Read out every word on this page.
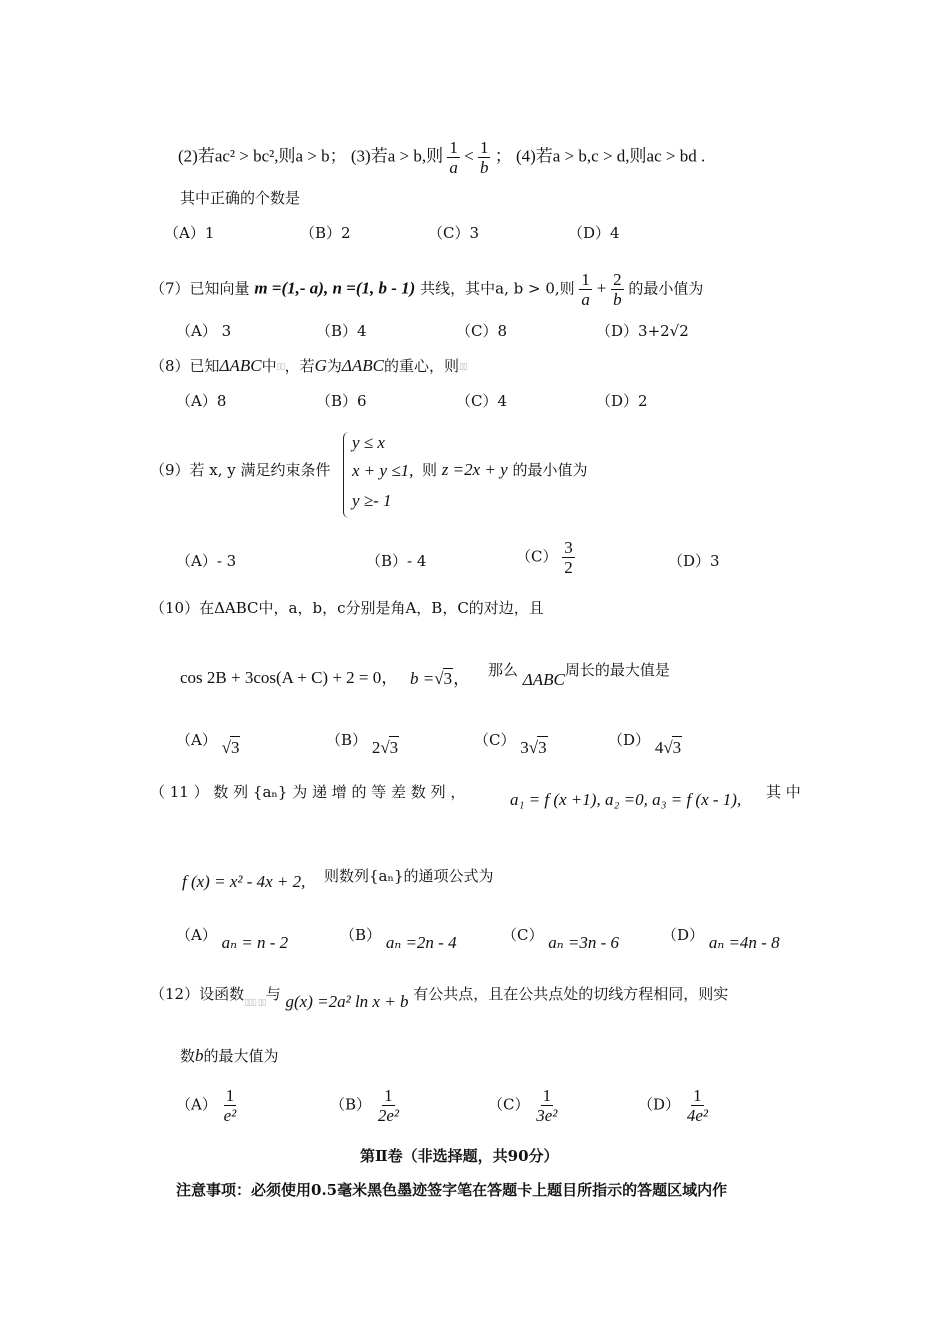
(2)若ac² > bc²,则a > b； (3)若a > b,则 $\frac{1}{a} < \frac{1}{b}$ ； (4)若a > b,c > d,则ac > bd .
其中正确的个数是
（A）1	（B）2	（C）3	（D）4
（7）已知向量 m =(1,- a), n =(1, b - 1) 共线，其中a, b > 0,则 $\frac{1}{a} + \frac{2}{b}$ 的最小值为
（A） 3	（B）4	（C）8	（D）3+2√2
（8）已知ΔABC中▯▯，若G为ΔABC的重心，则▯▯
（A）8	（B）6	（C）4	（D）2
（9）若 x, y 满足约束条件
y ≤ x
x + y ≤1,
y ≥- 1
则 z =2x + y 的最小值为
（A）- 3	（B）- 4	$(C) \frac{3}{2}$	（D）3
（10）在ΔABC中，a，b，c分别是角A，B，C的对边，且
cos 2B + 3cos(A + C) + 2 = 0， b =√3， 那么 ΔABC周长的最大值是
（A） √3	（B） 2√3	（C） 3√3	（D） 4√3
（ 11 ） 数 列 {aₙ} 为 递 增 的 等 差 数 列 ，	a₁ = f (x +1), a₂ =0, a₃ = f (x - 1), 其 中
f (x) = x² - 4x + 2, 则数列{aₙ}的通项公式为
（A） aₙ = n - 2	（B） aₙ =2n - 4	（C） aₙ =3n - 6	（D） aₙ =4n - 8
（12）设函数▯▯▯ ▯▯与 g(x) =2a² ln x + b 有公共点，且在公共点处的切线方程相同，则实
数b的最大值为
$(A) \frac{1}{\text{e²}}$	$(B) \frac{1}{\text{2e²}}$	$(C) \frac{1}{\text{3e²}}$	$(D) \frac{1}{\text{4e²}}$
第Ⅱ卷（非选择题，共90分）
注意事项：必须使用0.5毫米黑色墨迹签字笔在答题卡上题目所指示的答题区域内作
